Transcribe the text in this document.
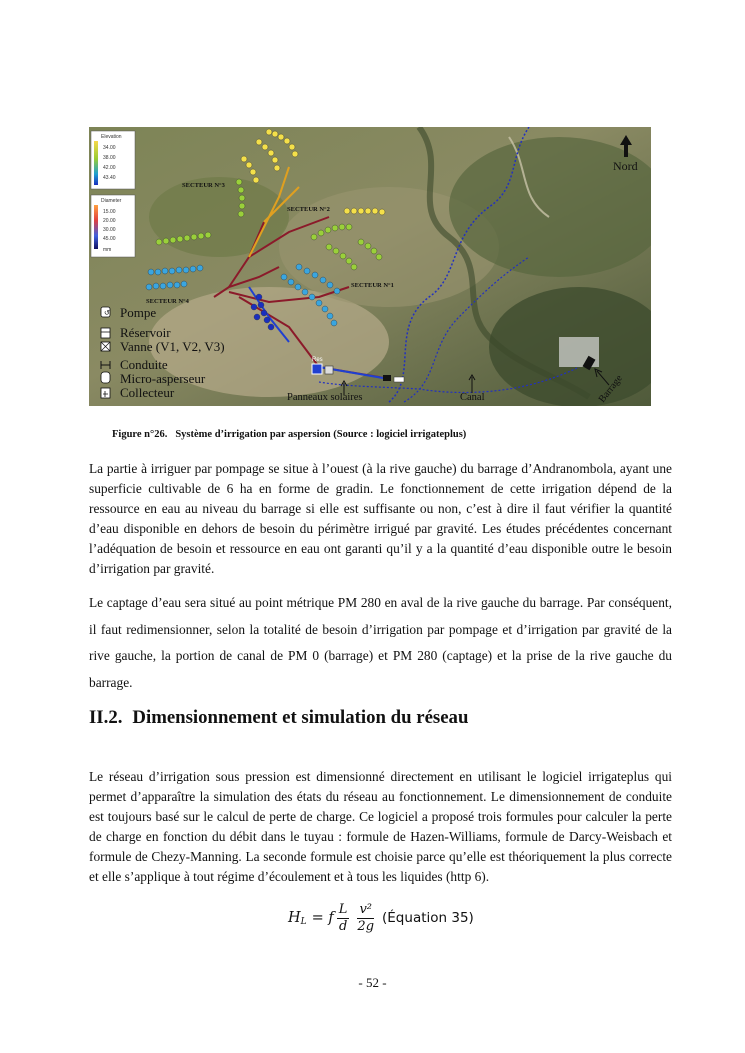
Res
SECTEUR N°3
SECTEUR N°2
SECTEUR N°1
SECTEUR N°4
Elevation
34.00
38.00
42.00
43.40
Diameter
15.00
20.00
30.00
45.00
mm
Nord
Panneaux solaires	Canal	Barrage
↺ Pompe
Réservoir
Vanne (V1, V2, V3)
Conduite
Micro-asperseur
Collecteur
Figure n°26. Système d’irrigation par aspersion (Source : logiciel irrigateplus)

La partie à irriguer par pompage se situe à l’ouest (à la rive gauche) du barrage d’Andranombola, ayant une superficie cultivable de 6 ha en forme de gradin. Le fonctionnement de cette irrigation dépend de la ressource en eau au niveau du barrage si elle est suffisante ou non, c’est à dire il faut vérifier la quantité d’eau disponible en dehors de besoin du périmètre irrigué par gravité. Les études précédentes concernant l’adéquation de besoin et ressource en eau ont garanti qu’il y a la quantité d’eau disponible outre le besoin d’irrigation par gravité.

Le captage d’eau sera situé au point métrique PM 280 en aval de la rive gauche du barrage. Par conséquent, il faut redimensionner, selon la totalité de besoin d’irrigation par pompage et d’irrigation par gravité de la rive gauche, la portion de canal de PM 0 (barrage) et PM 280 (captage) et la prise de la rive gauche du barrage.

II.2. Dimensionnement et simulation du réseau

Le réseau d’irrigation sous pression est dimensionné directement en utilisant le logiciel irrigateplus qui permet d’apparaître la simulation des états du réseau au fonctionnement. Le dimensionnement de conduite est toujours basé sur le calcul de perte de charge. Ce logiciel a proposé trois formules pour calculer la perte de charge en fonction du débit dans le tuyau : formule de Hazen-Williams, formule de Darcy-Weisbach et formule de Chezy-Manning. La seconde formule est choisie parce qu’elle est théoriquement la plus correcte et elle s’applique à tout régime d’écoulement et à tous les liquides (http 6).

$H_L = f \frac{L}{d} \frac{\text{v²}}{2g}$ (Équation 35)
- 52 -
